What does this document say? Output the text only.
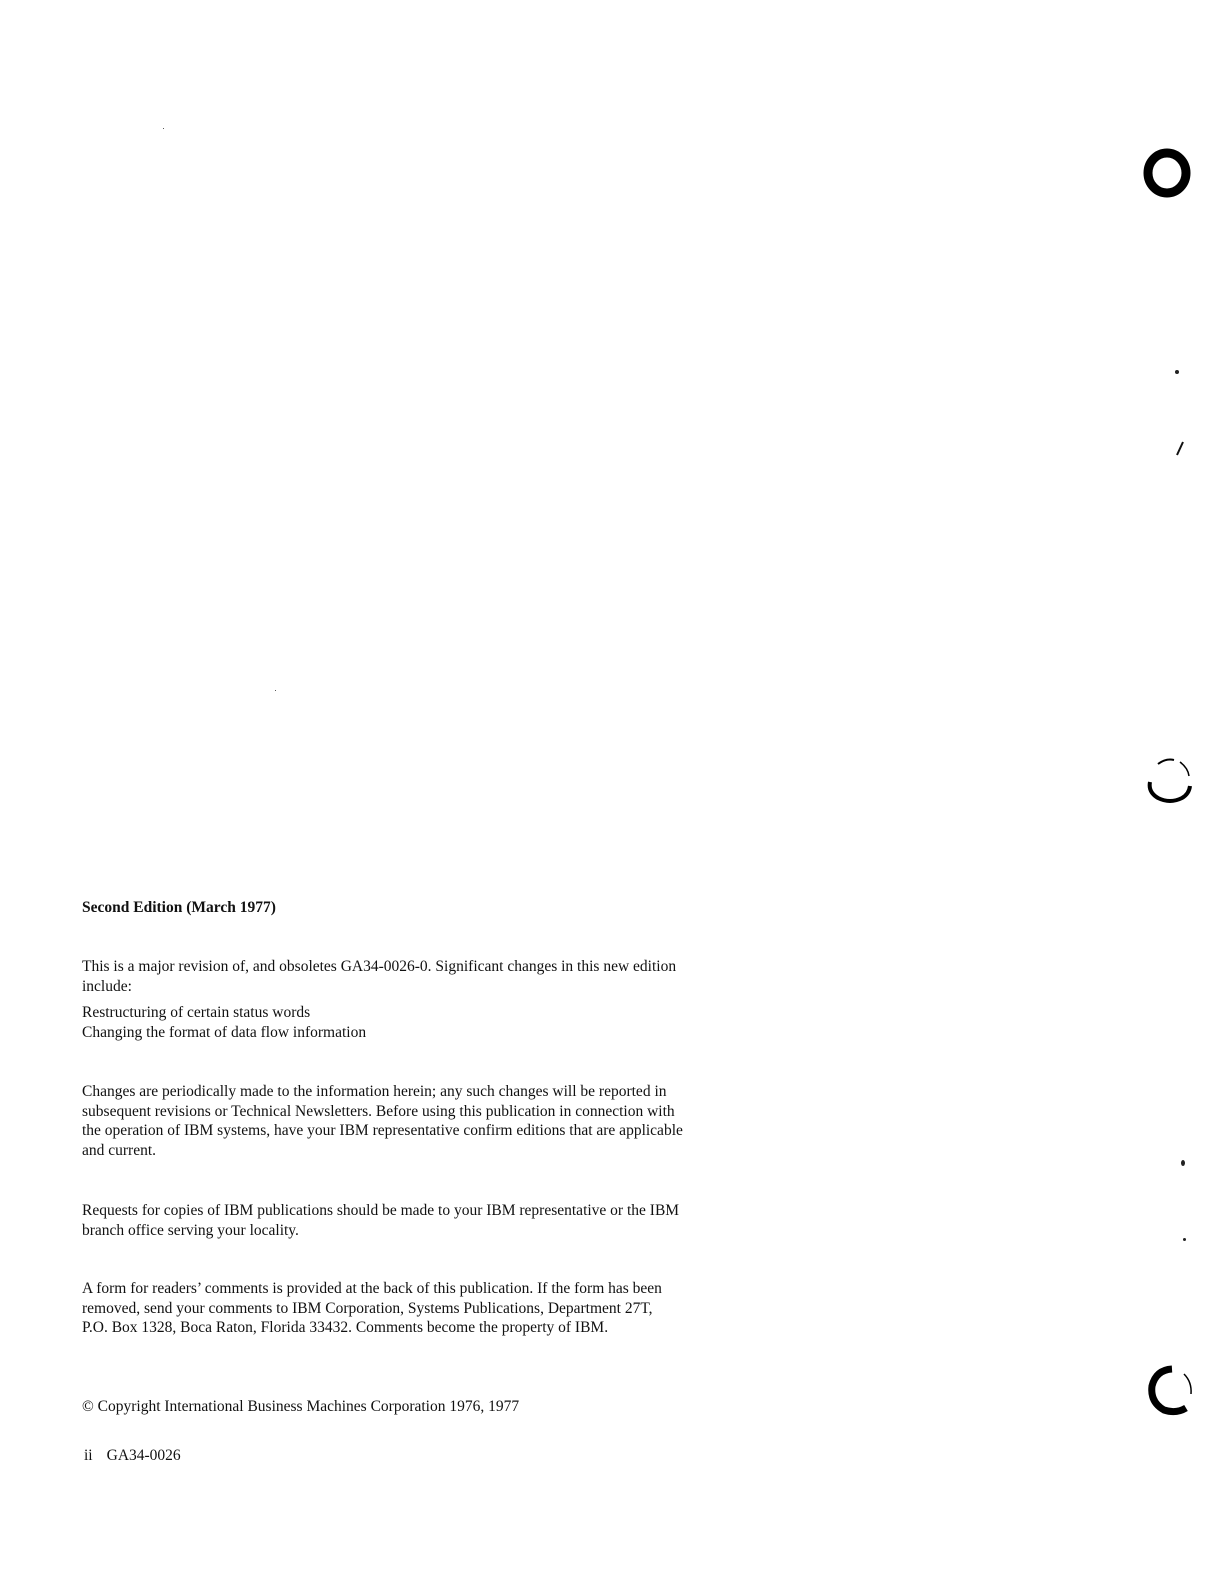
Second Edition (March 1977)
This is a major revision of, and obsoletes GA34-0026-0. Significant changes in this new edition
include:
Restructuring of certain status words
Changing the format of data flow information
Changes are periodically made to the information herein; any such changes will be reported in
subsequent revisions or Technical Newsletters. Before using this publication in connection with
the operation of IBM systems, have your IBM representative confirm editions that are applicable
and current.
Requests for copies of IBM publications should be made to your IBM representative or the IBM
branch office serving your locality.
A form for readers’ comments is provided at the back of this publication. If the form has been
removed, send your comments to IBM Corporation, Systems Publications, Department 27T,
P.O. Box 1328, Boca Raton, Florida 33432. Comments become the property of IBM.
© Copyright International Business Machines Corporation 1976, 1977
ii GA34-0026
